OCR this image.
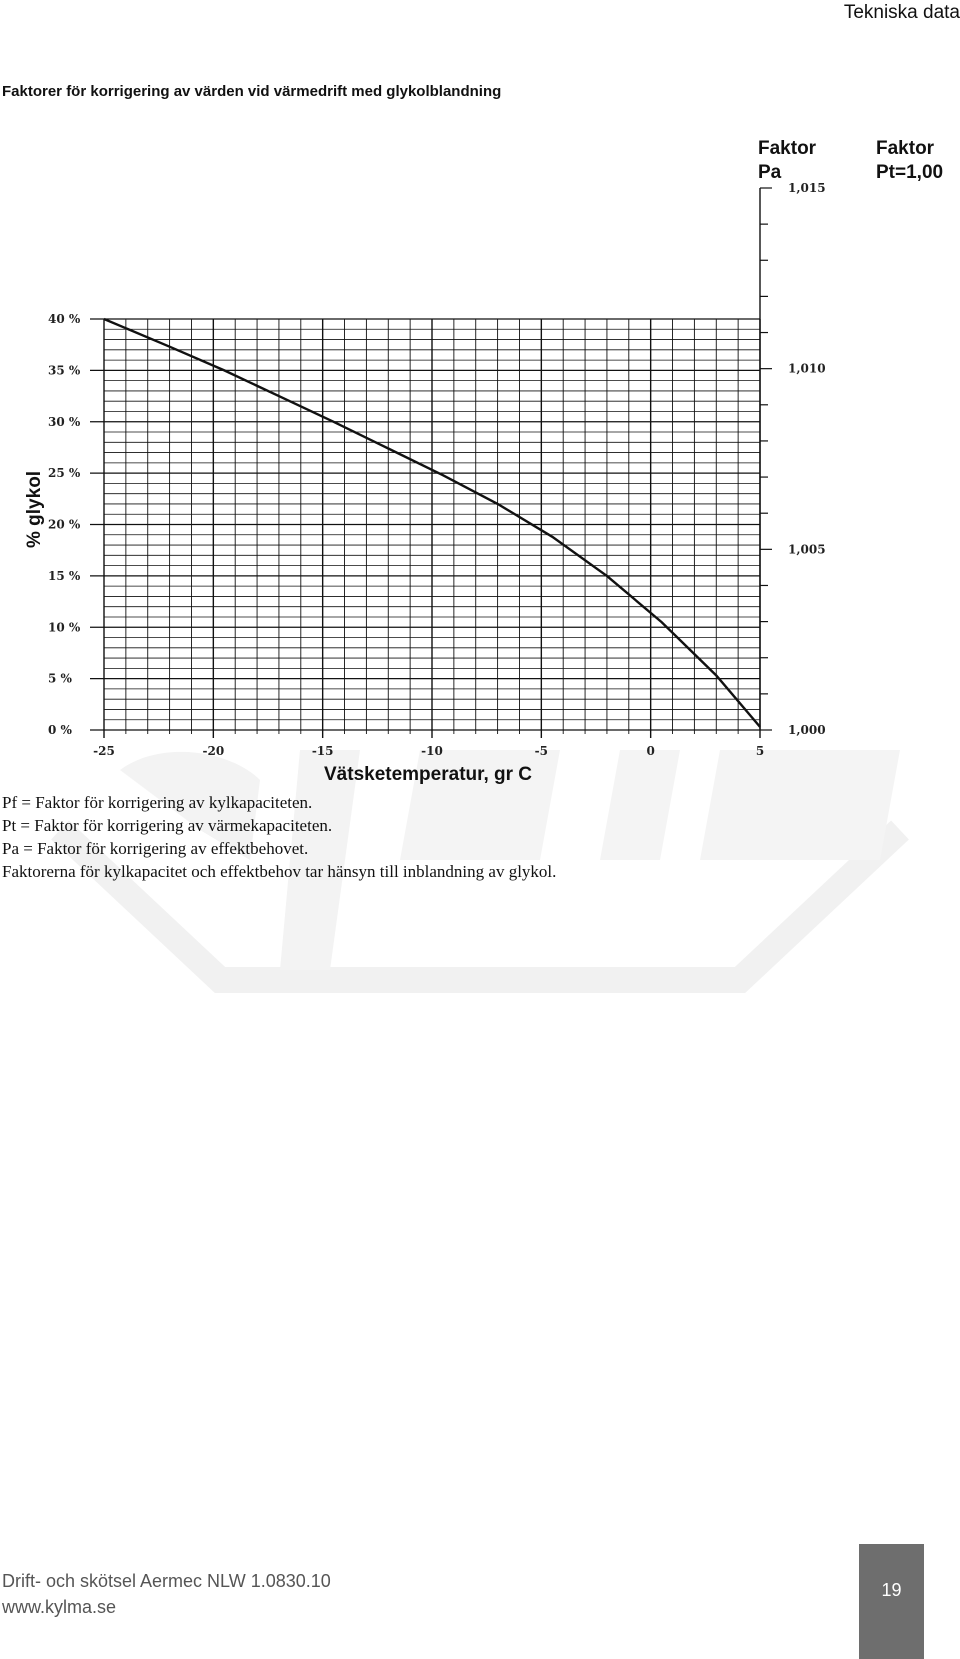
Tekniska data
Faktorer för korrigering av värden vid värmedrift med glykolblandning
0 %
5 %
10 %
15 %
20 %
25 %
30 %
35 %
40 %
-25	-20	-15	-10	-5	0	5
1,000
1,005
1,010
1,015
Vätsketemperatur, gr C
% glykol
Faktor
Pa
Faktor
Pt=1,00

Pf = Faktor för korrigering av kylkapaciteten.

Pt = Faktor för korrigering av värmekapaciteten.

Pa = Faktor för korrigering av effektbehovet.

Faktorerna för kylkapacitet och effektbehov tar hänsyn till inblandning av glykol.

Drift- och skötsel Aermec NLW 1.0830.10
www.kylma.se
19
